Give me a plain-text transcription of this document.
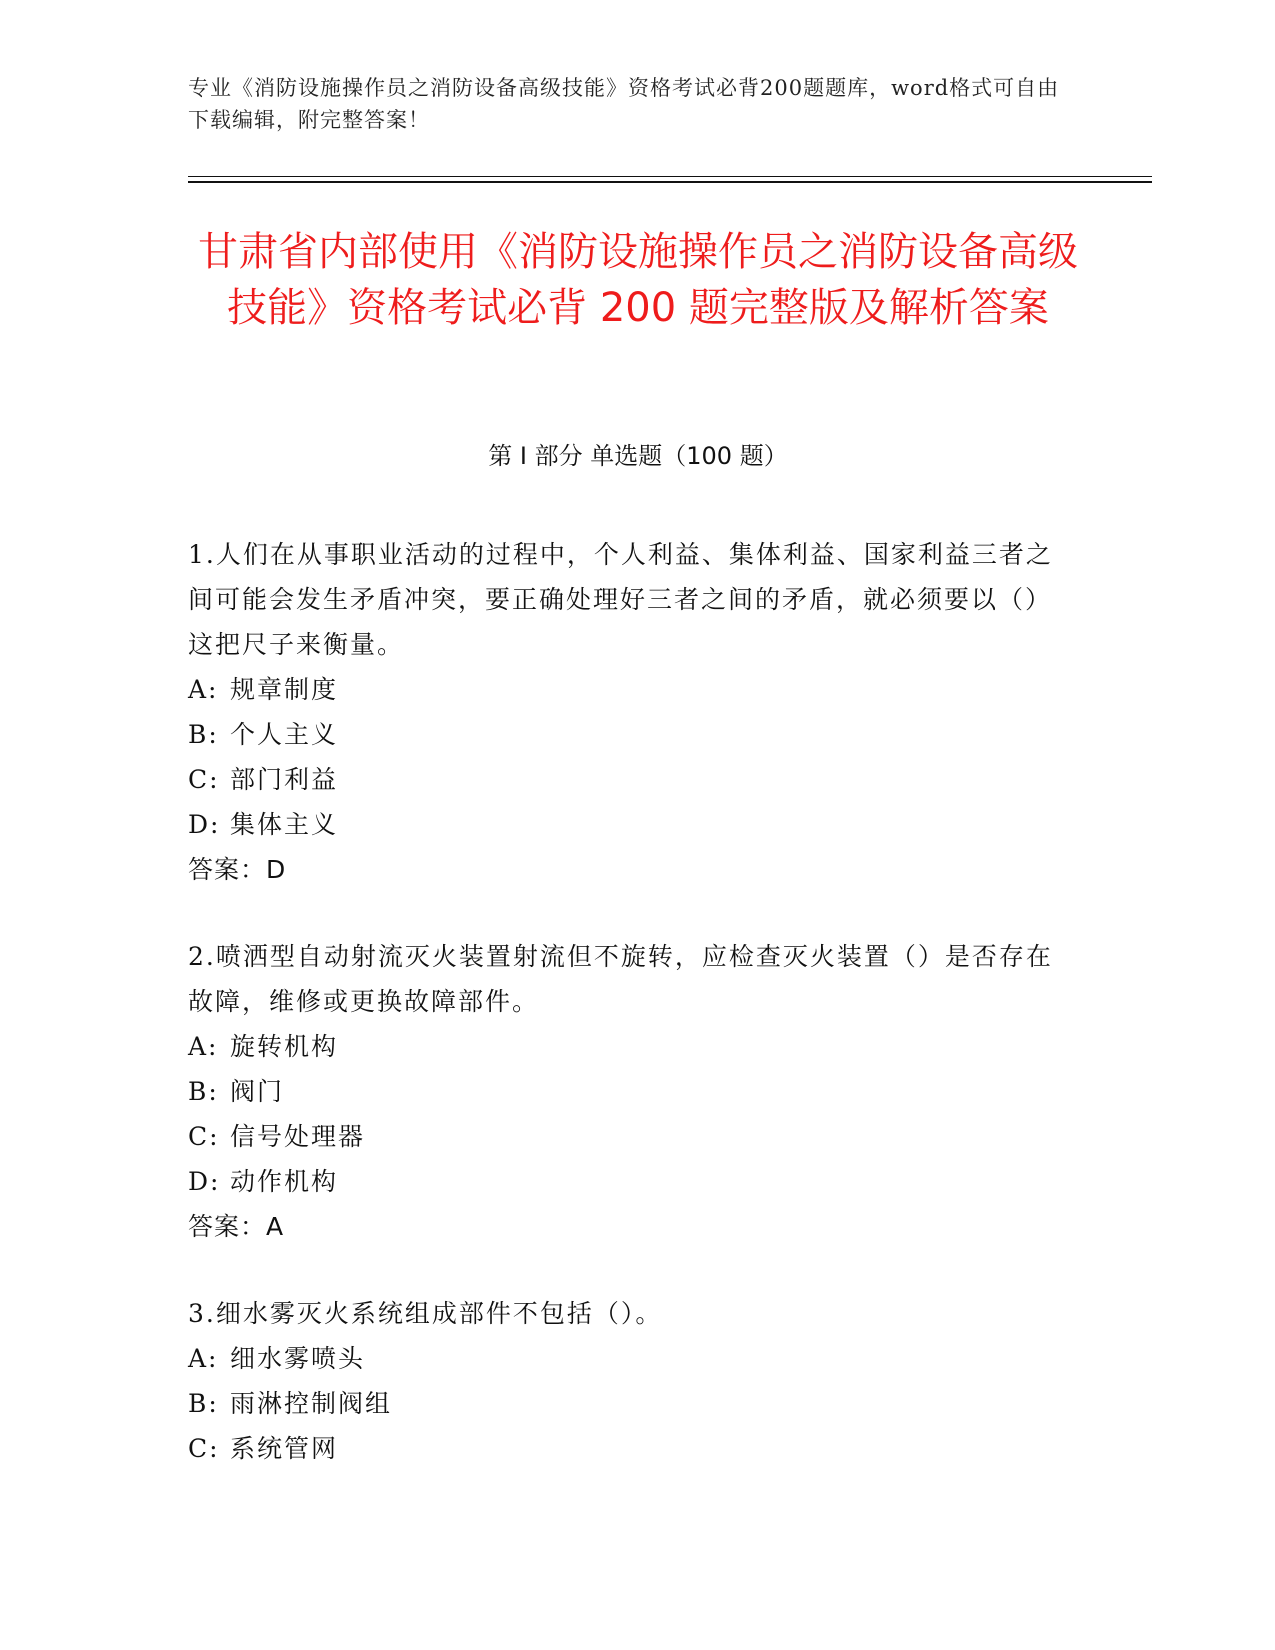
专业《消防设施操作员之消防设备高级技能》资格考试必背200题题库，word格式可自由下载编辑，附完整答案！
甘肃省内部使用《消防设施操作员之消防设备高级技能》资格考试必背 200 题完整版及解析答案
第 I 部分 单选题（100 题）
1.人们在从事职业活动的过程中，个人利益、集体利益、国家利益三者之间可能会发生矛盾冲突，要正确处理好三者之间的矛盾，就必须要以（）这把尺子来衡量。
A: 规章制度
B: 个人主义
C: 部门利益
D: 集体主义
答案：D
2.喷洒型自动射流灭火装置射流但不旋转，应检查灭火装置（）是否存在故障，维修或更换故障部件。
A: 旋转机构
B: 阀门
C: 信号处理器
D: 动作机构
答案：A
3.细水雾灭火系统组成部件不包括（）。
A: 细水雾喷头
B: 雨淋控制阀组
C: 系统管网
